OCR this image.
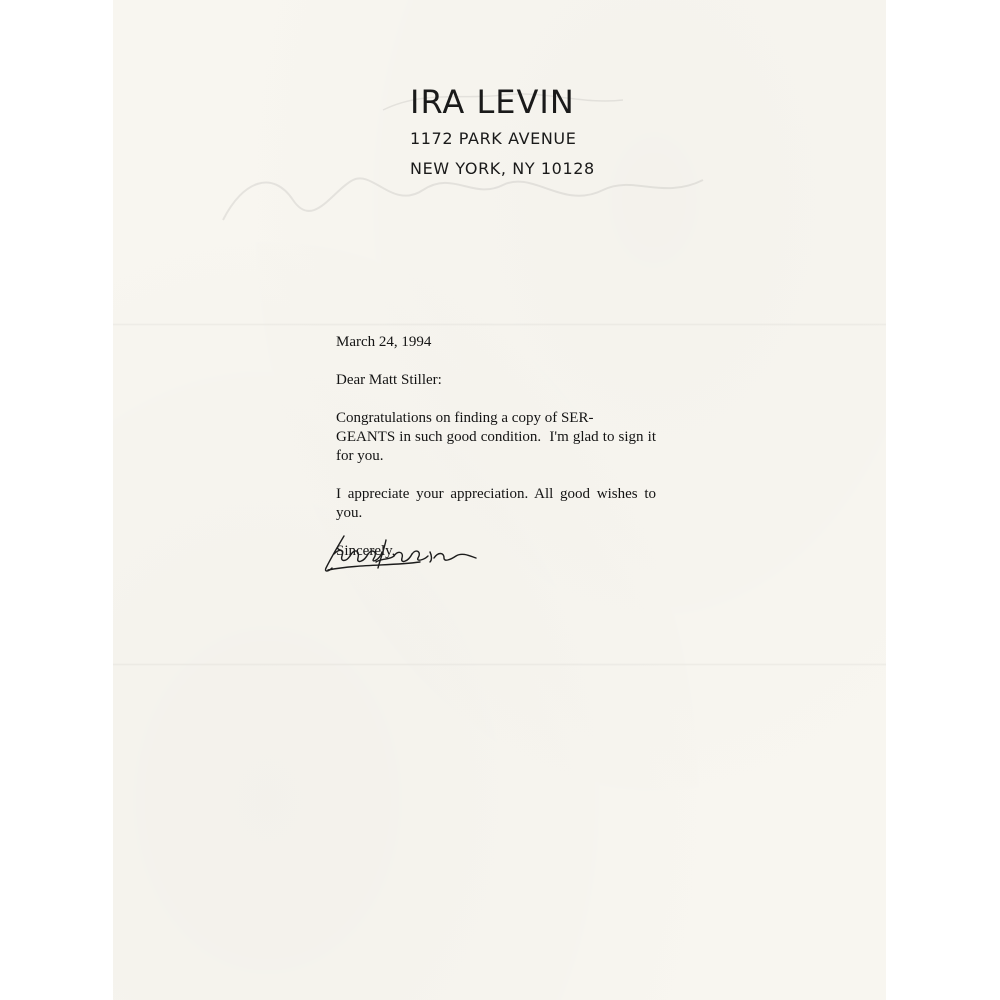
IRA LEVIN
1172 PARK AVENUE
NEW YORK, NY 10128

March 24, 1994

Dear Matt Stiller:

Congratulations on finding a copy of SER-
GEANTS in such good condition.  I'm glad to sign it for you.

I appreciate your appreciation. All good wishes to you.

Sincerely,
